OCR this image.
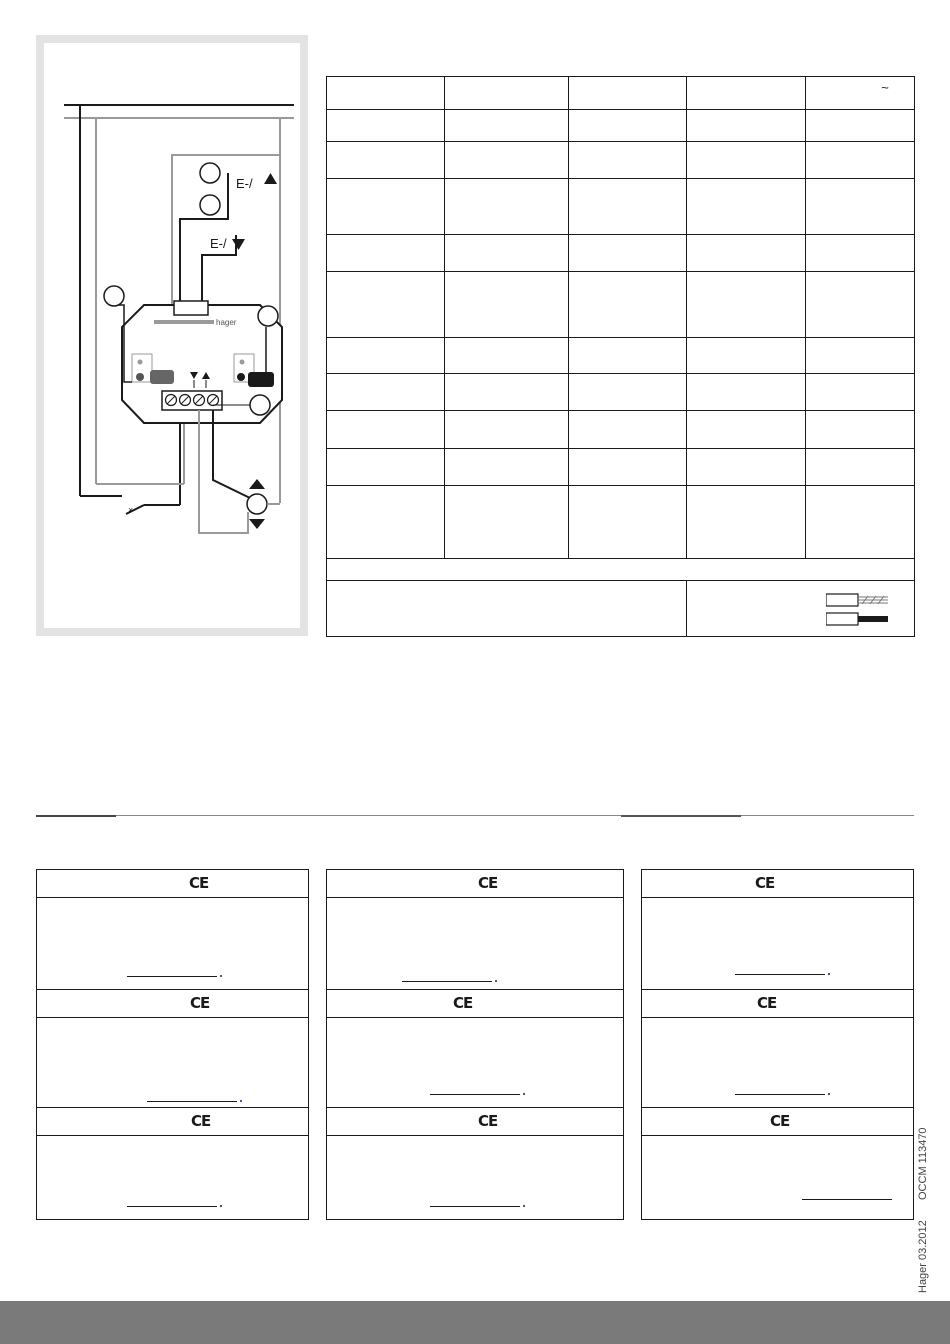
×
E-/
E-/
hager

				~

CE
CE
CE
CE
CE
CE
CE
CE
CE
OCCM 113470
Hager 03.2012
